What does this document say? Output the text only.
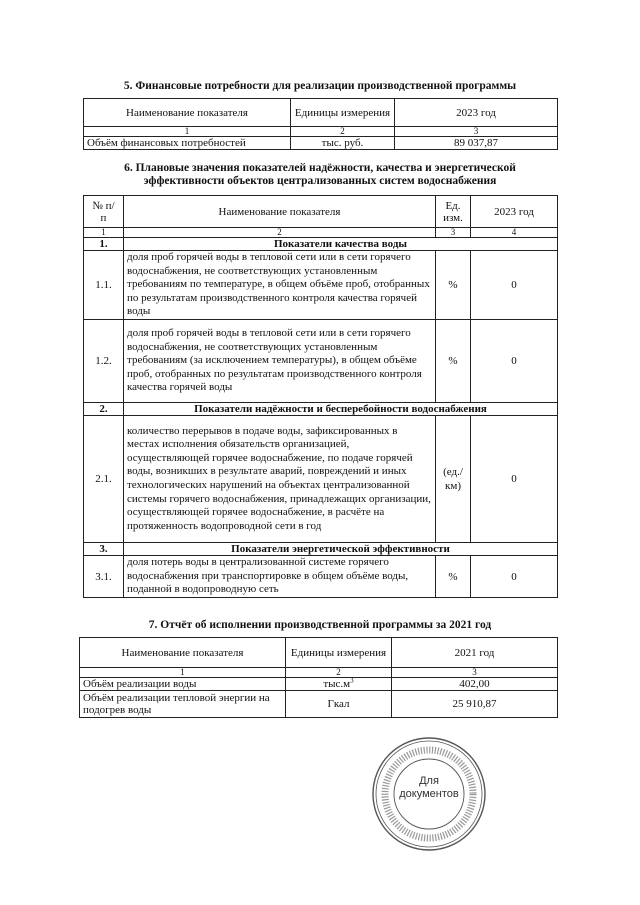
5. Финансовые потребности для реализации производственной программы
Наименование показателя	Единицы измерения	2023 год
1	2	3
Объём финансовых потребностей	тыс. руб.	89 037,87
6. Плановые значения показателей надёжности, качества и энергетической
эффективности объектов централизованных систем водоснабжения
№ п/п	Наименование показателя	Ед. изм.	2023 год
1	2	3	4
1.	Показатели качества воды		
1.1.	доля проб горячей воды в тепловой сети или в сети горячего водоснабжения, не соответствующих установленным требованиям по температуре, в общем объёме проб, отобранных по результатам производственного контроля качества горячей воды	%	0
1.2.	доля проб горячей воды в тепловой сети или в сети горячего водоснабжения, не соответствующих установленным требованиям (за исключением температуры), в общем объёме проб, отобранных по результатам производственного контроля качества горячей воды	%	0
2.	Показатели надёжности и бесперебойности водоснабжения		
2.1.	количество перерывов в подаче воды, зафиксированных в местах исполнения обязательств организацией, осуществляющей горячее водоснабжение, по подаче горячей воды, возникших в результате аварий, повреждений и иных технологических нарушений на объектах централизованной системы горячего водоснабжения, принадлежащих организации, осуществляющей горячее водоснабжение, в расчёте на протяженность водопроводной сети в год	(ед./км)	0
3.	Показатели энергетической эффективности		
3.1.	доля потерь воды в централизованной системе горячего водоснабжения при транспортировке в общем объёме воды, поданной в водопроводную сеть	%	0
7. Отчёт об исполнении производственной программы за 2021 год
Наименование показателя	Единицы измерения	2021 год
1	2	3
Объём реализации воды	$тыс.м^3$	402,00
Объём реализации тепловой энергии на подогрев воды	Гкал	25 910,87
Для
документов
